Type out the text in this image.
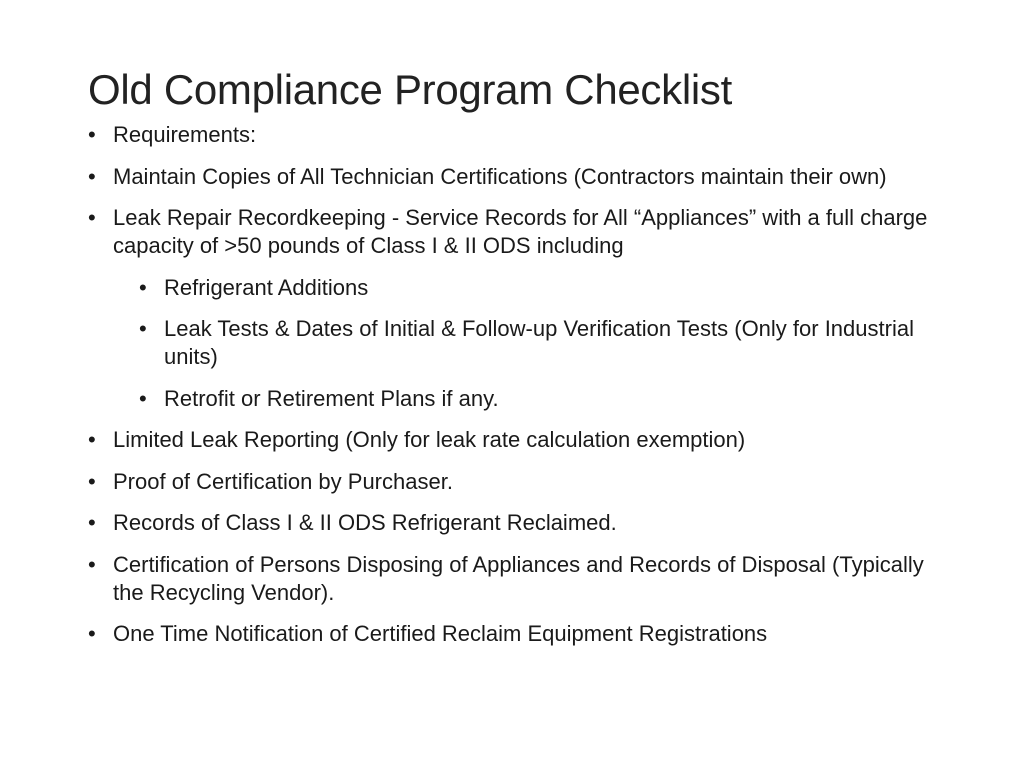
Old Compliance Program Checklist
• Requirements:
• Maintain Copies of All Technician Certifications (Contractors maintain their own)
• Leak Repair Recordkeeping - Service Records for All “Appliances” with a full charge capacity of >50 pounds of Class I & II ODS including
• Refrigerant Additions
• Leak Tests & Dates of Initial & Follow-up Verification Tests (Only for Industrial units)
• Retrofit or Retirement Plans if any.
• Limited Leak Reporting (Only for leak rate calculation exemption)
• Proof of Certification by Purchaser.
• Records of Class I & II ODS Refrigerant Reclaimed.
• Certification of Persons Disposing of Appliances and Records of Disposal (Typically the Recycling Vendor).
• One Time Notification of Certified Reclaim Equipment Registrations
